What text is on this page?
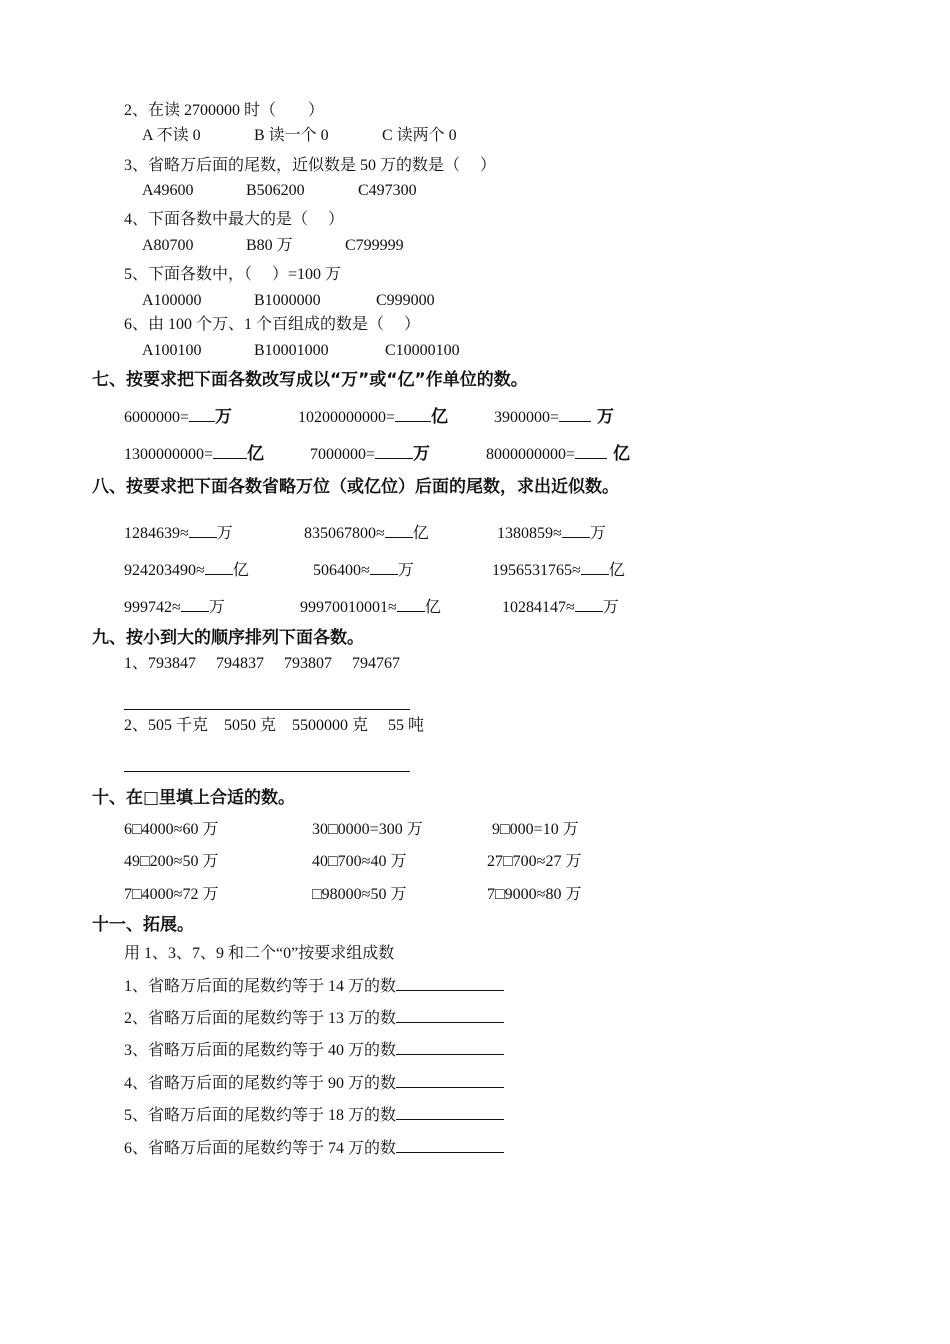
2、在读 2700000 时（　　）
A 不读 0	B 读一个 0	C 读两个 0
3、省略万后面的尾数，近似数是 50 万的数是（　 ）
A49600	B506200	C497300
4、下面各数中最大的是（　 ）
A80700	B80 万	C799999
5、下面各数中，（　 ）=100 万
A100000	B1000000	C999000
6、由 100 个万、1 个百组成的数是（　 ）
A100100	B10001000	C10000100
七、按要求把下面各数改写成以“万”或“亿”作单位的数。
6000000= 万	10200000000= 亿	3900000= 万
1300000000= 亿	7000000= 万	8000000000= 亿
八、按要求把下面各数省略万位（或亿位）后面的尾数，求出近似数。
1284639≈ 万	835067800≈ 亿	1380859≈ 万
924203490≈ 亿	506400≈ 万	1956531765≈ 亿
999742≈ 万	99970010001≈ 亿	10284147≈ 万
九、按小到大的顺序排列下面各数。
1、793847　 794837　 793807　 794767
2、505 千克　5050 克　5500000 克　 55 吨
十、在□里填上合适的数。
6□4000≈60 万	30□0000=300 万	9□000=10 万
49□200≈50 万	40□700≈40 万	27□700≈27 万
7□4000≈72 万	□98000≈50 万	7□9000≈80 万
十一、拓展。
用 1、3、7、9 和二个“0”按要求组成数
1、省略万后面的尾数约等于 14 万的数
2、省略万后面的尾数约等于 13 万的数
3、省略万后面的尾数约等于 40 万的数
4、省略万后面的尾数约等于 90 万的数
5、省略万后面的尾数约等于 18 万的数
6、省略万后面的尾数约等于 74 万的数
